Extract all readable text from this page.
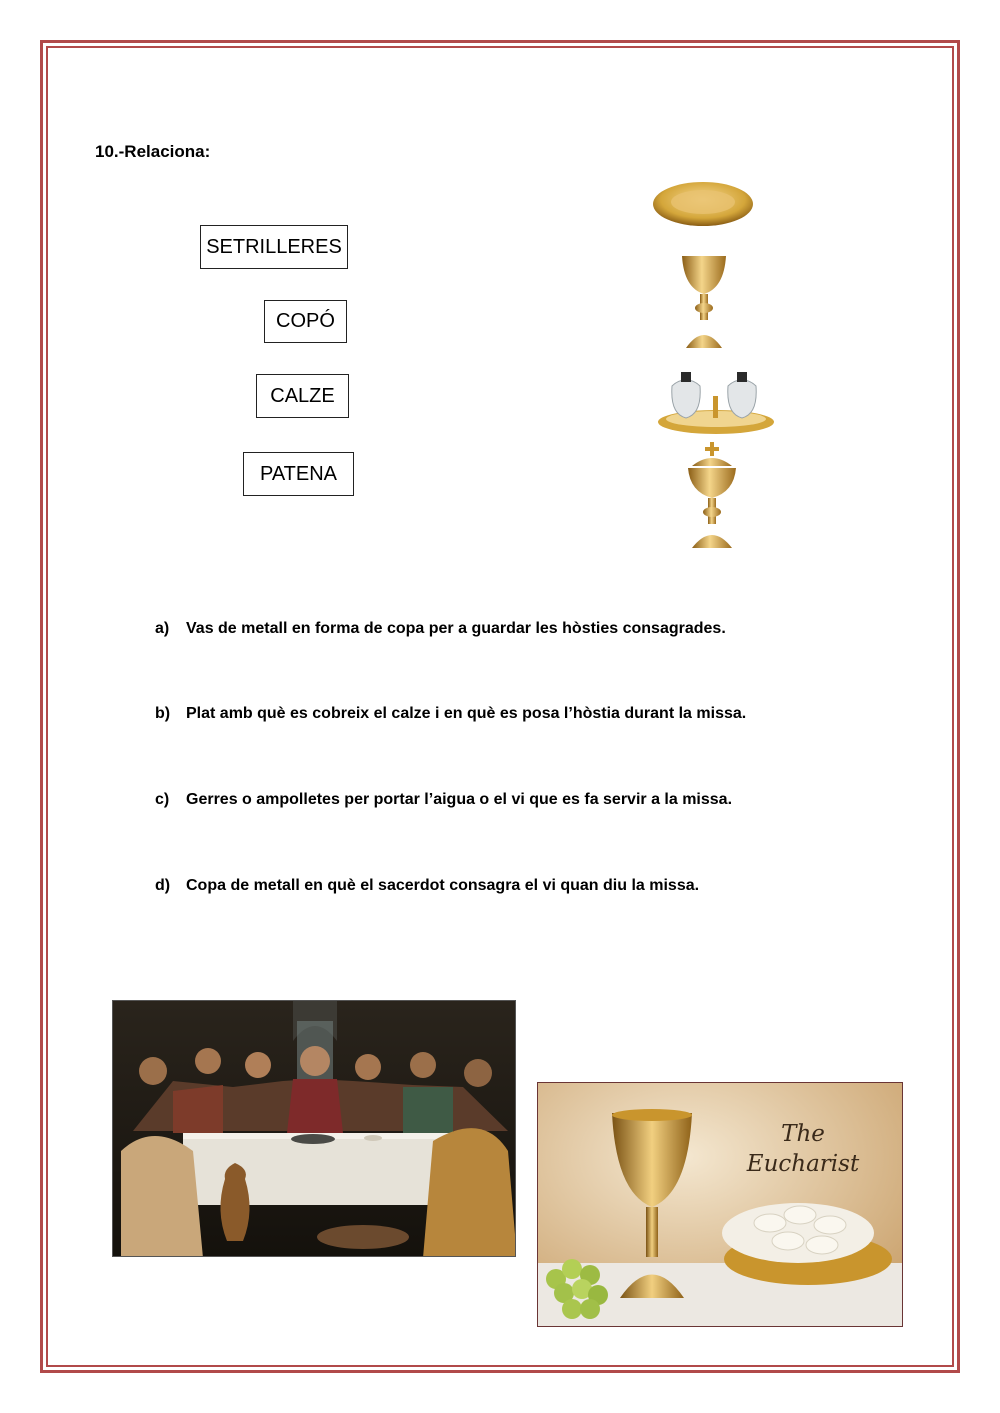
10.-Relaciona:
SETRILLERES
COPÓ
CALZE
PATENA
a)	Vas de metall en forma de copa per a guardar les hòsties consagrades.
b) Plat amb què es cobreix el calze i en què es posa l’hòstia durant la missa.
c)	Gerres o ampolletes per portar l’aigua o el vi que es fa servir a la missa.
d) Copa de metall en què el sacerdot consagra el vi quan diu la missa.
The
Eucharist
